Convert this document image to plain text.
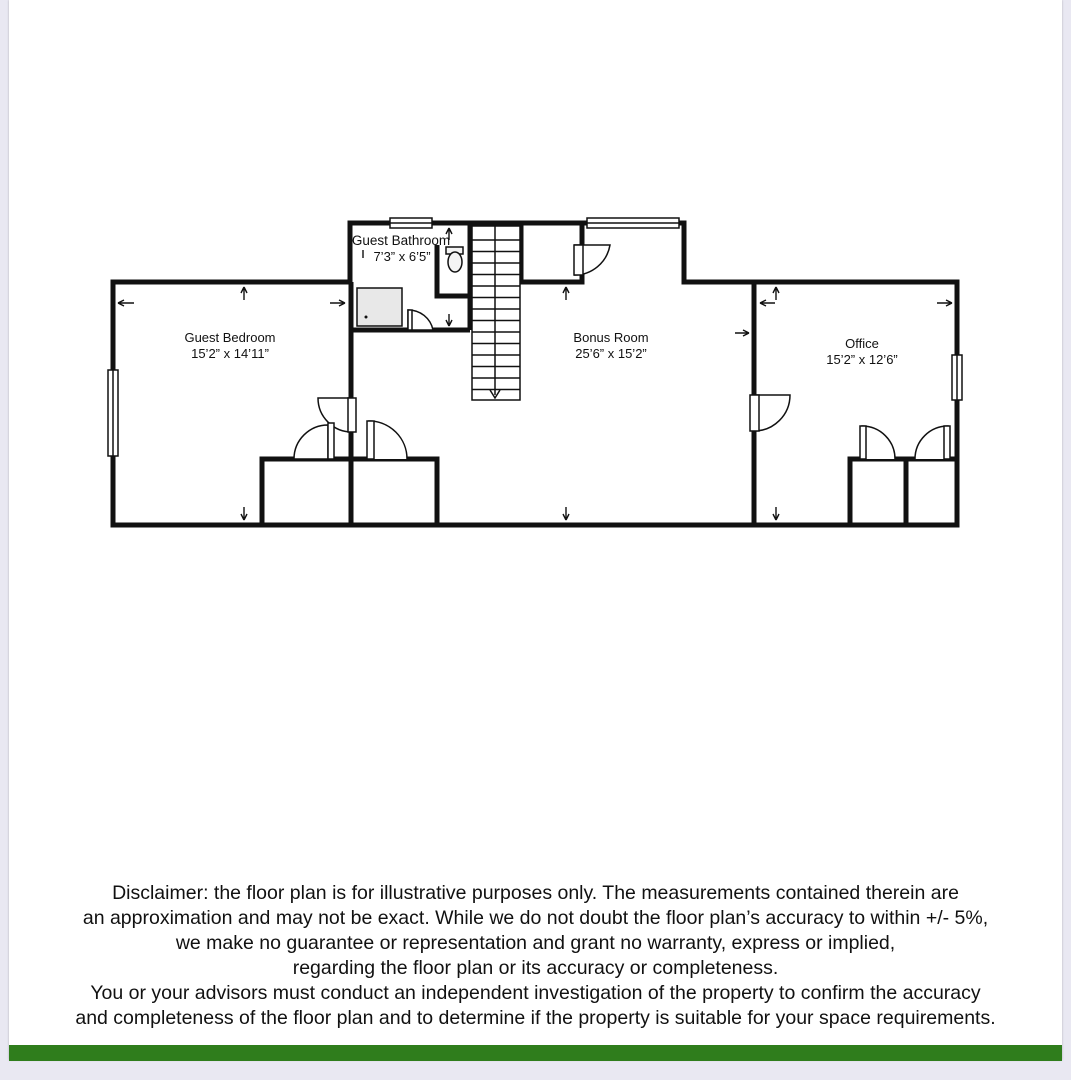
Guest Bedroom
15’2” x 14’11”
Guest Bathroom
7’3” x 6’5”
Bonus Room
25’6” x 15’2”
Office
15’2” x 12’6”
Disclaimer: the floor plan is for illustrative purposes only. The measurements contained therein are
an approximation and may not be exact. While we do not doubt the floor plan’s accuracy to within +/- 5%,
we make no guarantee or representation and grant no warranty, express or implied,
regarding the floor plan or its accuracy or completeness.
You or your advisors must conduct an independent investigation of the property to confirm the accuracy
and completeness of the floor plan and to determine if the property is suitable for your space requirements.
